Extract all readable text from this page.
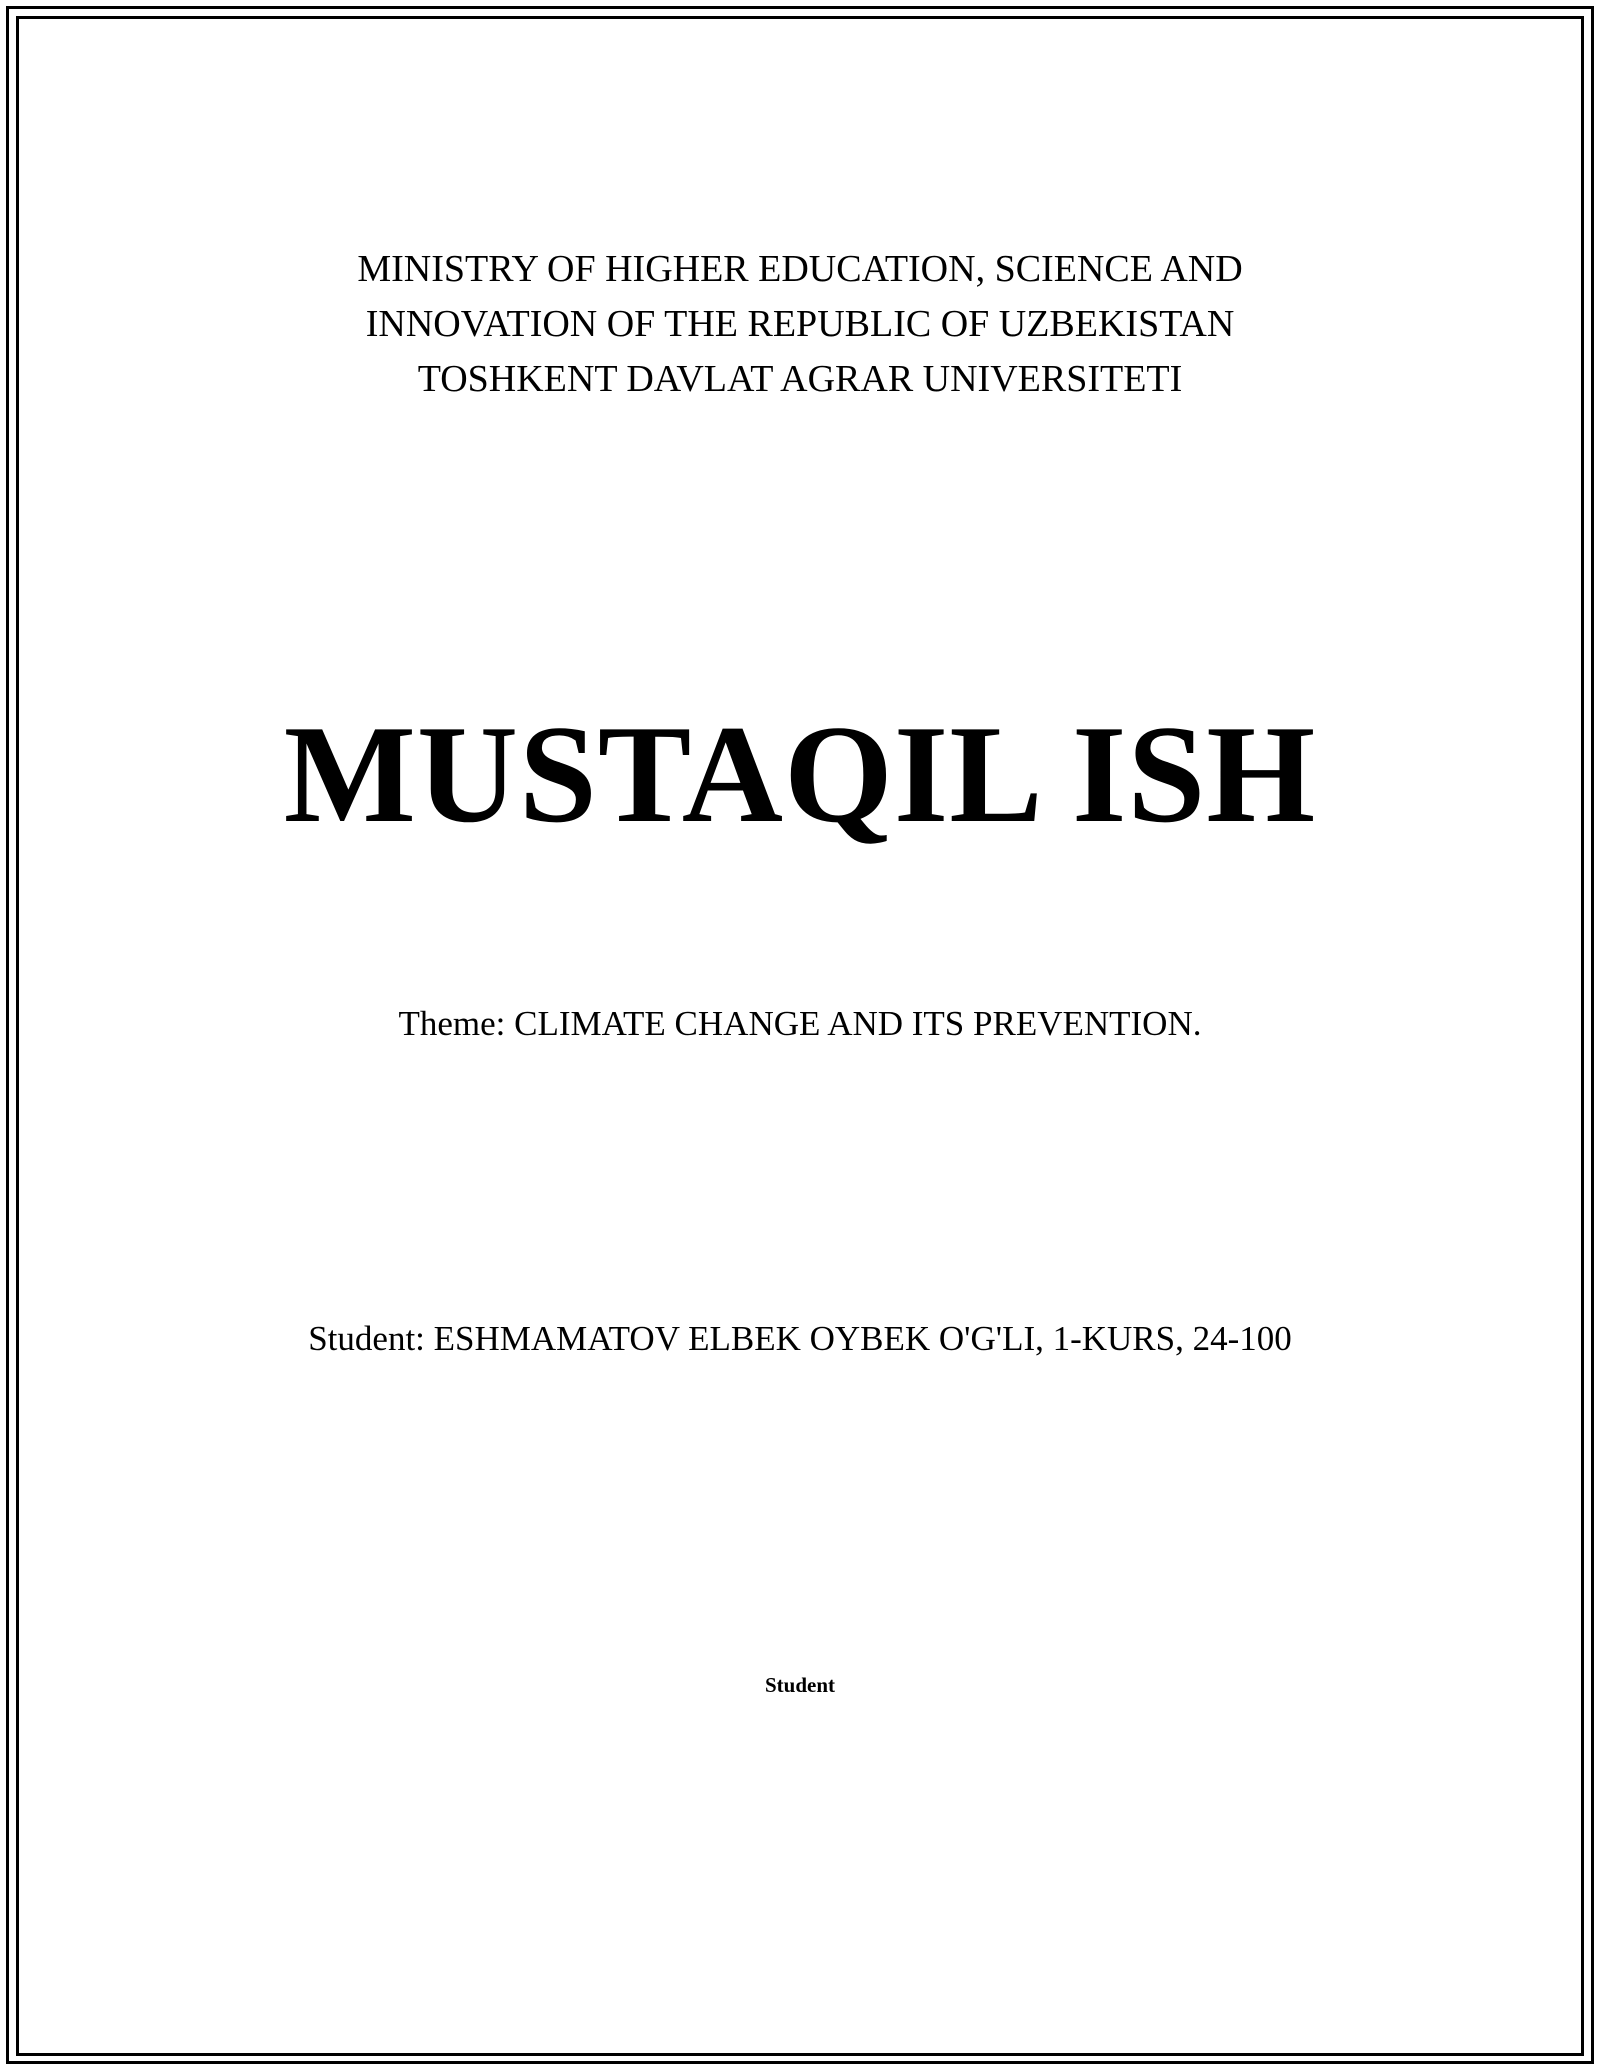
MINISTRY OF HIGHER EDUCATION, SCIENCE AND
INNOVATION OF THE REPUBLIC OF UZBEKISTAN
TOSHKENT DAVLAT AGRAR UNIVERSITETI
MUSTAQIL ISH
Theme: CLIMATE CHANGE AND ITS PREVENTION.
Student: ESHMAMATOV ELBEK OYBEK O'G'LI, 1-KURS, 24-100
Student
